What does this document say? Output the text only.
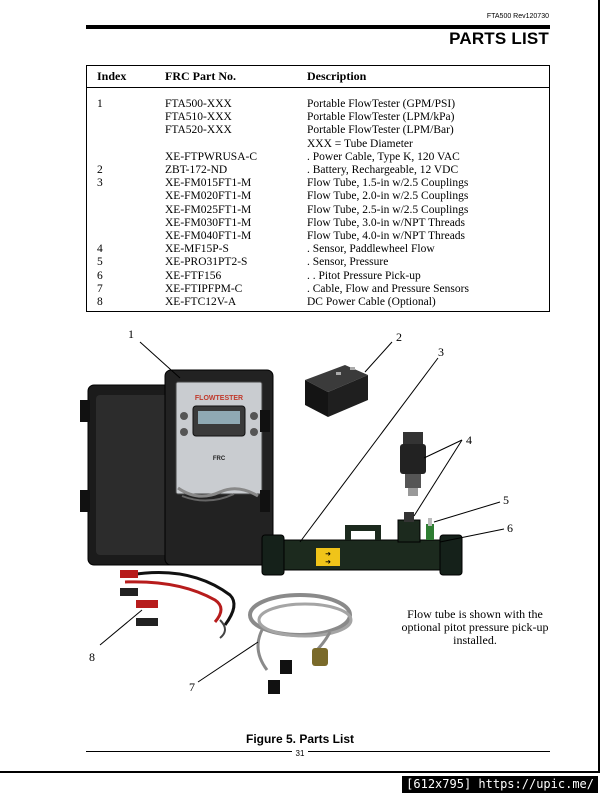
FTA500 Rev120730
PARTS LIST
Index	FRC Part No.	Description
1	FTA500-XXX	Portable FlowTester (GPM/PSI)
	FTA510-XXX	Portable FlowTester (LPM/kPa)
	FTA520-XXX	Portable FlowTester (LPM/Bar)
		XXX = Tube Diameter
	XE-FTPWRUSA-C	. Power Cable, Type K, 120 VAC
2	ZBT-172-ND	. Battery, Rechargeable, 12 VDC
3	XE-FM015FT1-M	Flow Tube, 1.5-in w/2.5 Couplings
	XE-FM020FT1-M	Flow Tube, 2.0-in w/2.5 Couplings
	XE-FM025FT1-M	Flow Tube, 2.5-in w/2.5 Couplings
	XE-FM030FT1-M	Flow Tube, 3.0-in w/NPT Threads
	XE-FM040FT1-M	Flow Tube, 4.0-in w/NPT Threads
4	XE-MF15P-S	. Sensor, Paddlewheel Flow
5	XE-PRO31PT2-S	. Sensor, Pressure
6	XE-FTF156	. . Pitot Pressure Pick-up
7	XE-FTIPFPM-C	. Cable, Flow and Pressure Sensors
8	XE-FTC12V-A	DC Power Cable (Optional)
FLOWTESTER
FRC
➜
➜
1	2
3
4
5
6
7
8
Flow tube is shown with the optional pitot pressure pick-up installed.
Figure 5. Parts List
31
[612x795] https://upic.me/
